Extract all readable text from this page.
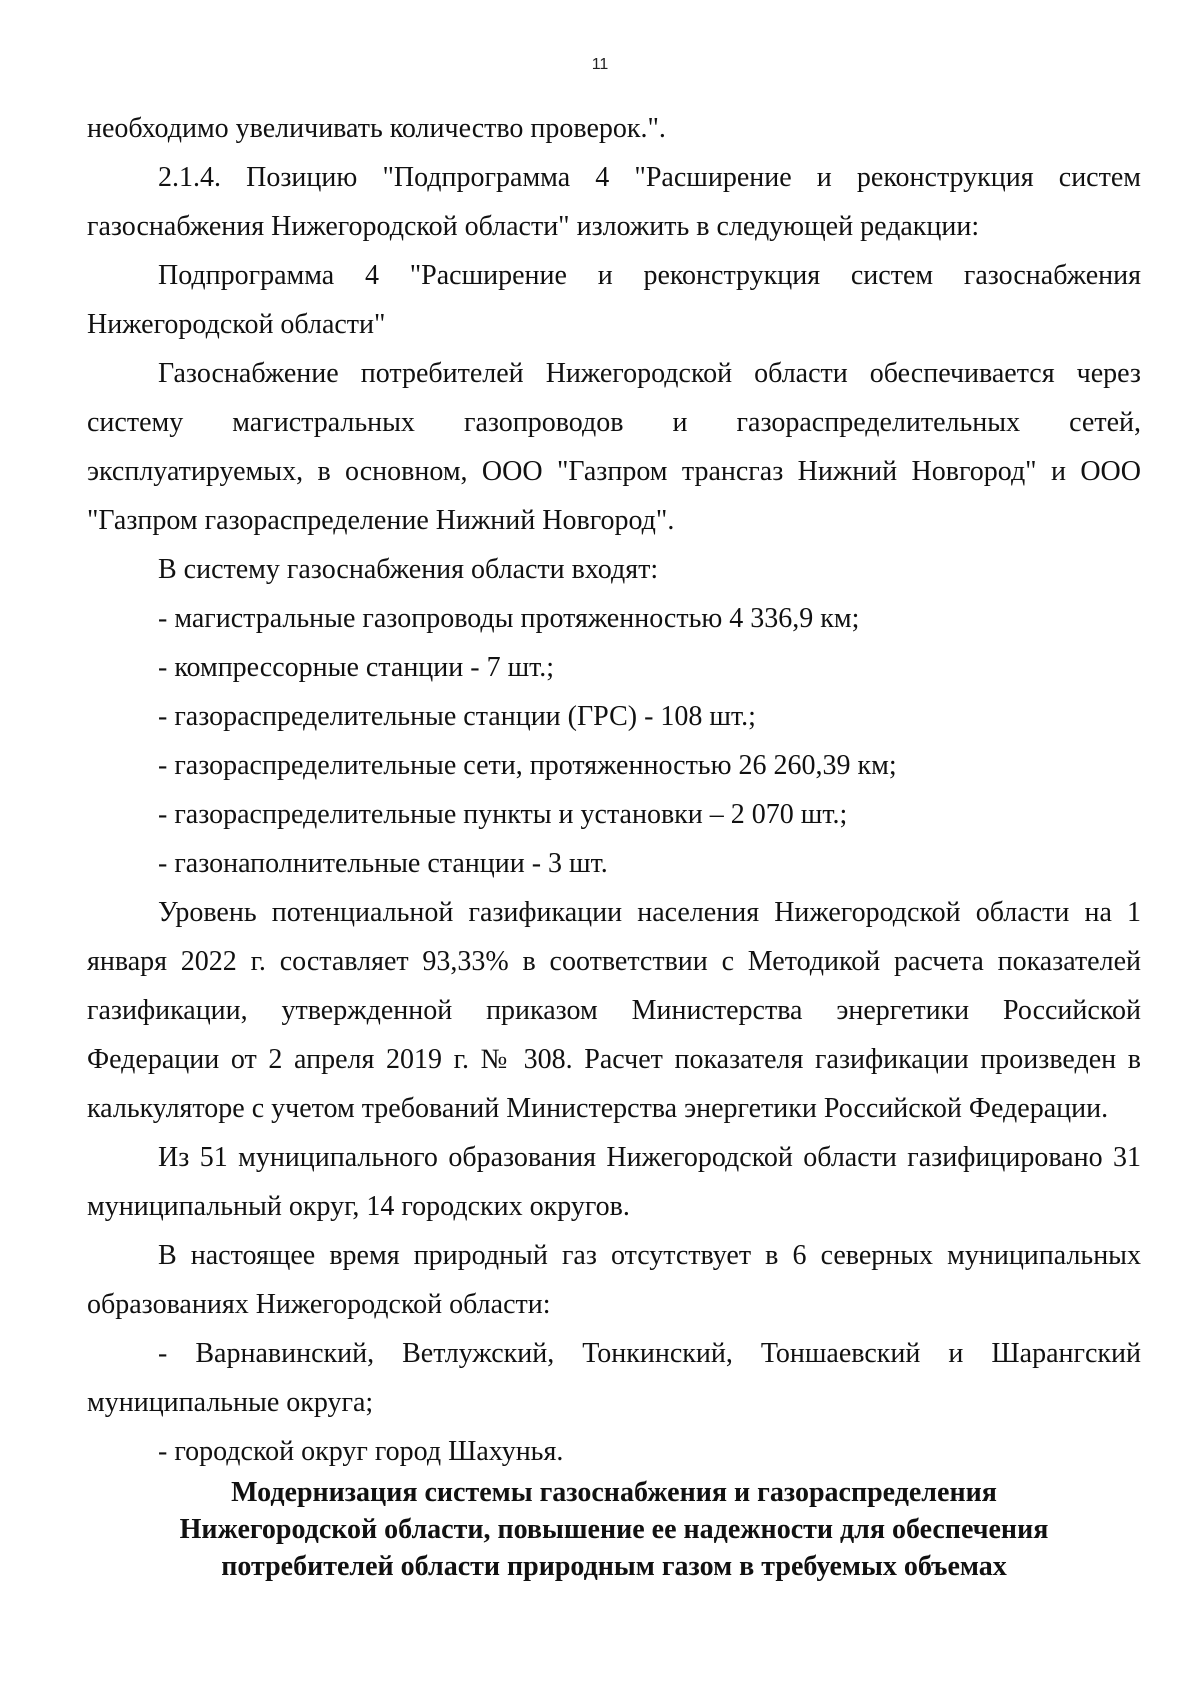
11

необходимо увеличивать количество проверок.".

2.1.4. Позицию "Подпрограмма 4 "Расширение и реконструкция систем газоснабжения Нижегородской области" изложить в следующей редакции:

Подпрограмма 4 "Расширение и реконструкция систем газоснабжения Нижегородской области"

Газоснабжение потребителей Нижегородской области обеспечивается через систему магистральных газопроводов и газораспределительных сетей, эксплуатируемых, в основном, ООО "Газпром трансгаз Нижний Новгород" и ООО "Газпром газораспределение Нижний Новгород".

В систему газоснабжения области входят:

- магистральные газопроводы протяженностью 4 336,9 км;

- компрессорные станции - 7 шт.;

- газораспределительные станции (ГРС) - 108 шт.;

- газораспределительные сети, протяженностью 26 260,39 км;

- газораспределительные пункты и установки – 2 070 шт.;

- газонаполнительные станции - 3 шт.

Уровень потенциальной газификации населения Нижегородской области на 1 января 2022 г. составляет 93,33% в соответствии с Методикой расчета показателей газификации, утвержденной приказом Министерства энергетики Российской Федерации от 2 апреля 2019 г. № 308. Расчет показателя газификации произведен в калькуляторе с учетом требований Министерства энергетики Российской Федерации.

Из 51 муниципального образования Нижегородской области газифицировано 31 муниципальный округ, 14 городских округов.

В настоящее время природный газ отсутствует в 6 северных муниципальных образованиях Нижегородской области:

- Варнавинский, Ветлужский, Тонкинский, Тоншаевский и Шарангский муниципальные округа;

- городской округ город Шахунья.

Модернизация системы газоснабжения и газораспределения
Нижегородской области, повышение ее надежности для обеспечения
потребителей области природным газом в требуемых объемах
